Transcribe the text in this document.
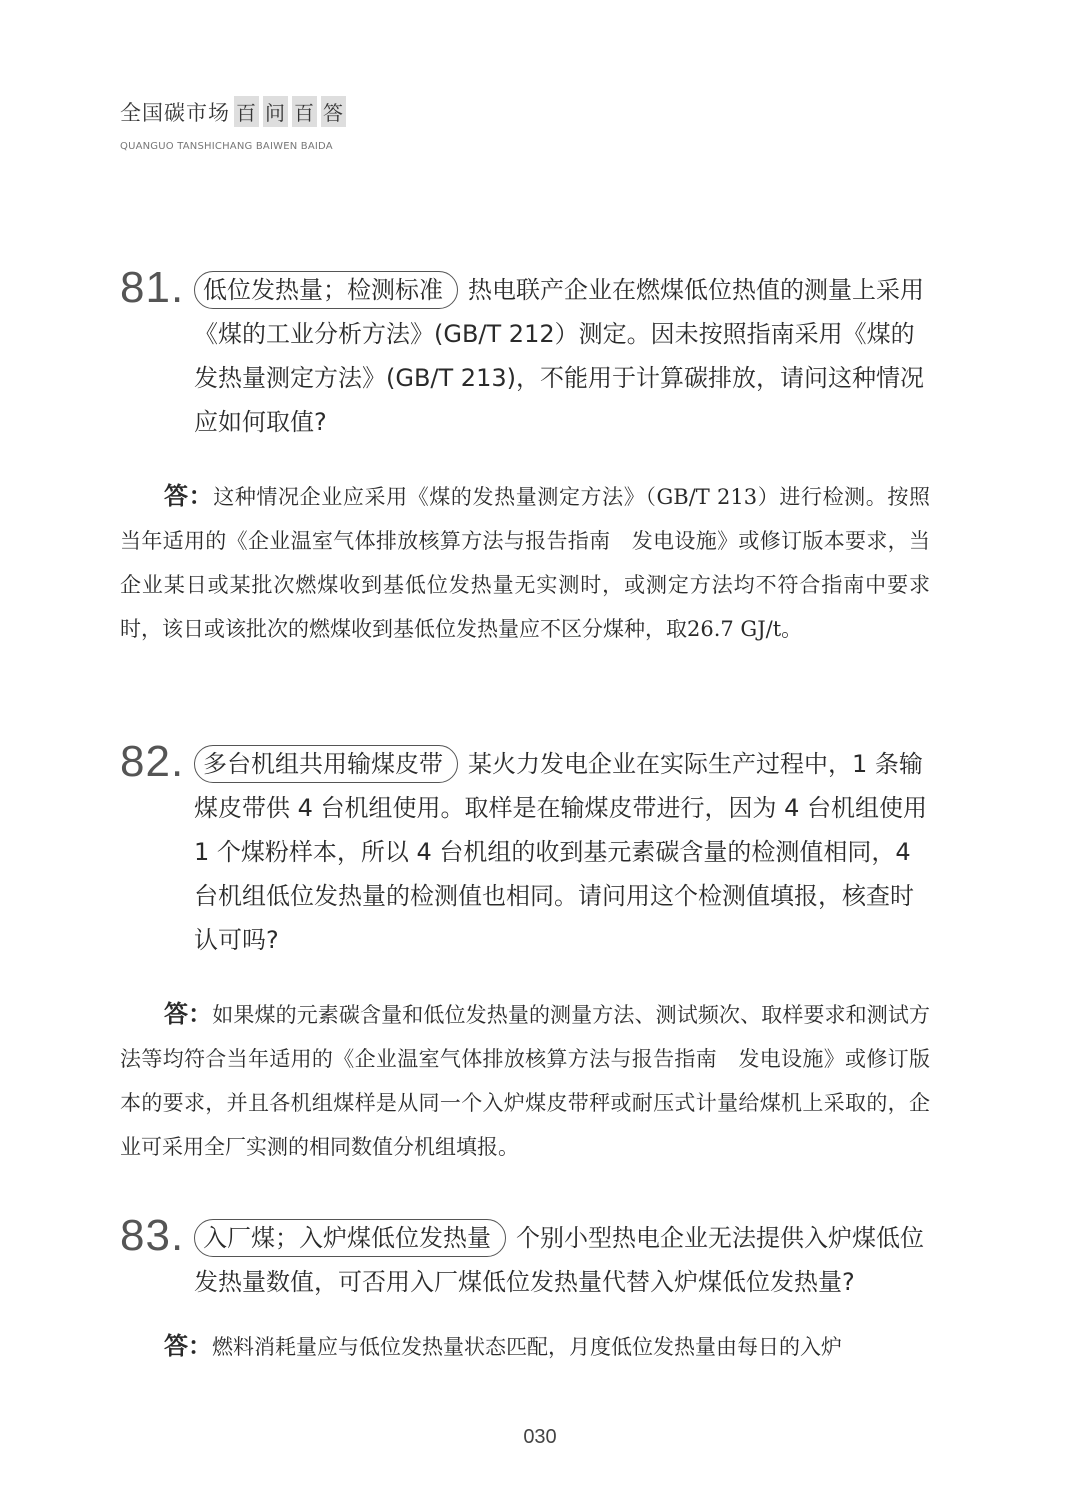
全国碳市场 百 问 百 答
QUANGUO TANSHICHANG BAIWEN BAIDA
81. 低位发热量；检测标准 热电联产企业在燃煤低位热值的测量上采用《煤的工业分析方法》(GB/T 212）测定。因未按照指南采用《煤的发热量测定方法》(GB/T 213)，不能用于计算碳排放，请问这种情况应如何取值?
答：这种情况企业应采用《煤的发热量测定方法》（GB/T 213）进行检测。按照当年适用的《企业温室气体排放核算方法与报告指南　发电设施》或修订版本要求，当企业某日或某批次燃煤收到基低位发热量无实测时，或测定方法均不符合指南中要求时，该日或该批次的燃煤收到基低位发热量应不区分煤种，取26.7 GJ/t。
82. 多台机组共用输煤皮带 某火力发电企业在实际生产过程中，1 条输煤皮带供 4 台机组使用。取样是在输煤皮带进行，因为 4 台机组使用 1 个煤粉样本，所以 4 台机组的收到基元素碳含量的检测值相同，4 台机组低位发热量的检测值也相同。请问用这个检测值填报，核查时认可吗?
答：如果煤的元素碳含量和低位发热量的测量方法、测试频次、取样要求和测试方法等均符合当年适用的《企业温室气体排放核算方法与报告指南　发电设施》或修订版本的要求，并且各机组煤样是从同一个入炉煤皮带秤或耐压式计量给煤机上采取的，企业可采用全厂实测的相同数值分机组填报。
83. 入厂煤；入炉煤低位发热量 个别小型热电企业无法提供入炉煤低位发热量数值，可否用入厂煤低位发热量代替入炉煤低位发热量?
答：燃料消耗量应与低位发热量状态匹配，月度低位发热量由每日的入炉
030
